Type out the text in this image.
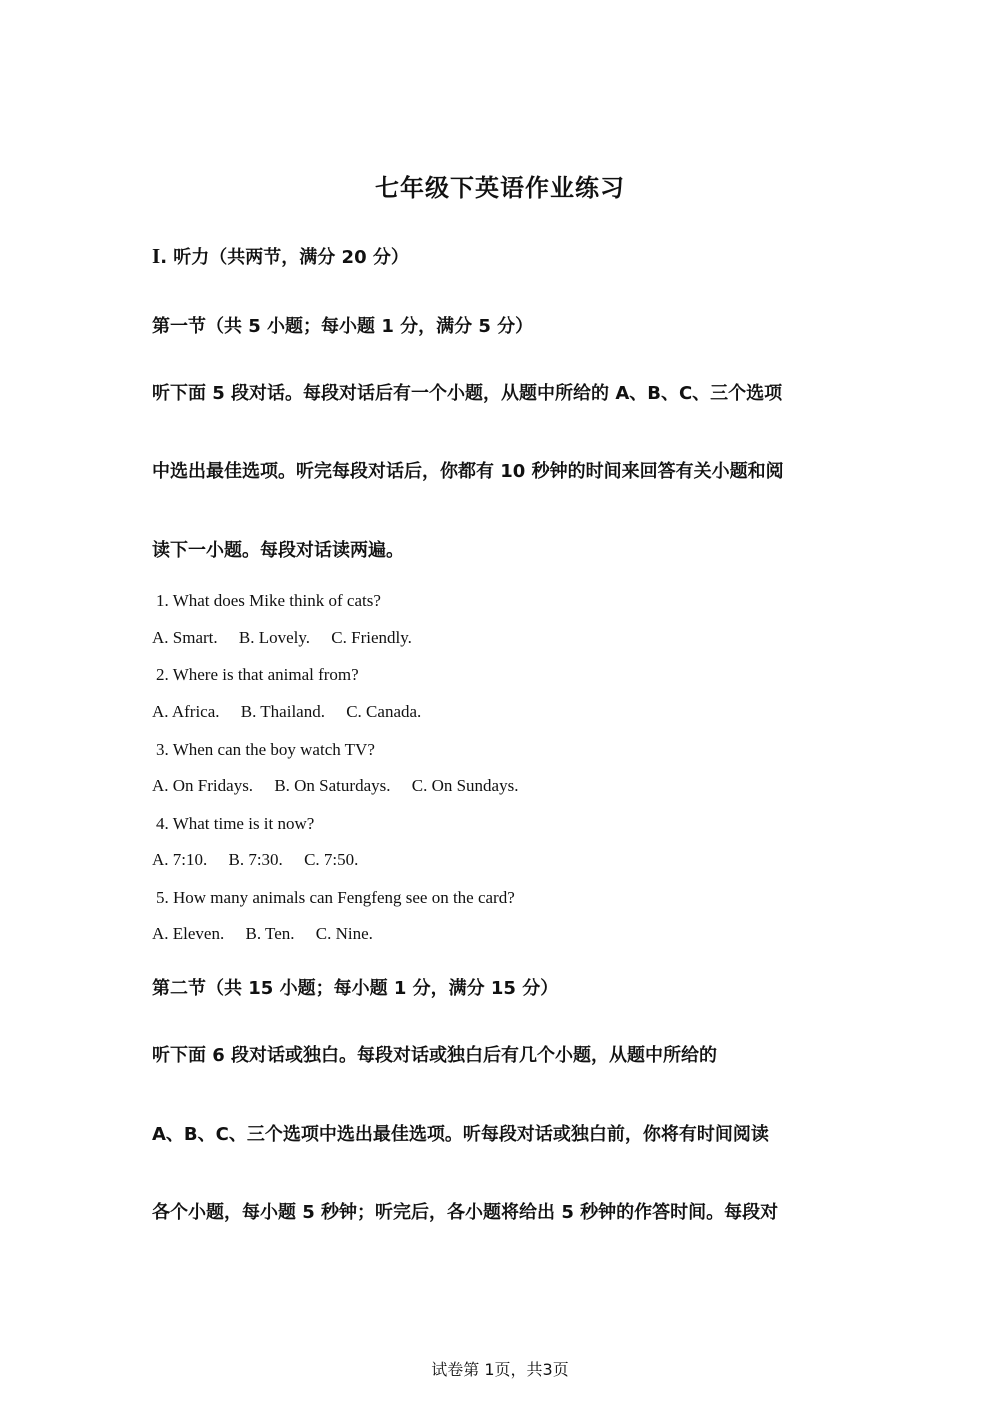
七年级下英语作业练习
I. 听力（共两节，满分 20 分）
第一节（共 5 小题；每小题 1 分，满分 5 分）
听下面 5 段对话。每段对话后有一个小题，从题中所给的 A、B、C、三个选项
中选出最佳选项。听完每段对话后，你都有 10 秒钟的时间来回答有关小题和阅
读下一小题。每段对话读两遍。
1. What does Mike think of cats?
A. Smart. B. Lovely. C. Friendly.
2. Where is that animal from?
A. Africa. B. Thailand. C. Canada.
3. When can the boy watch TV?
A. On Fridays. B. On Saturdays. C. On Sundays.
4. What time is it now?
A. 7:10. B. 7:30. C. 7:50.
5. How many animals can Fengfeng see on the card?
A. Eleven. B. Ten. C. Nine.
第二节（共 15 小题；每小题 1 分，满分 15 分）
听下面 6 段对话或独白。每段对话或独白后有几个小题，从题中所给的
A、B、C、三个选项中选出最佳选项。听每段对话或独白前，你将有时间阅读
各个小题，每小题 5 秒钟；听完后，各小题将给出 5 秒钟的作答时间。每段对
试卷第 1页，共3页
